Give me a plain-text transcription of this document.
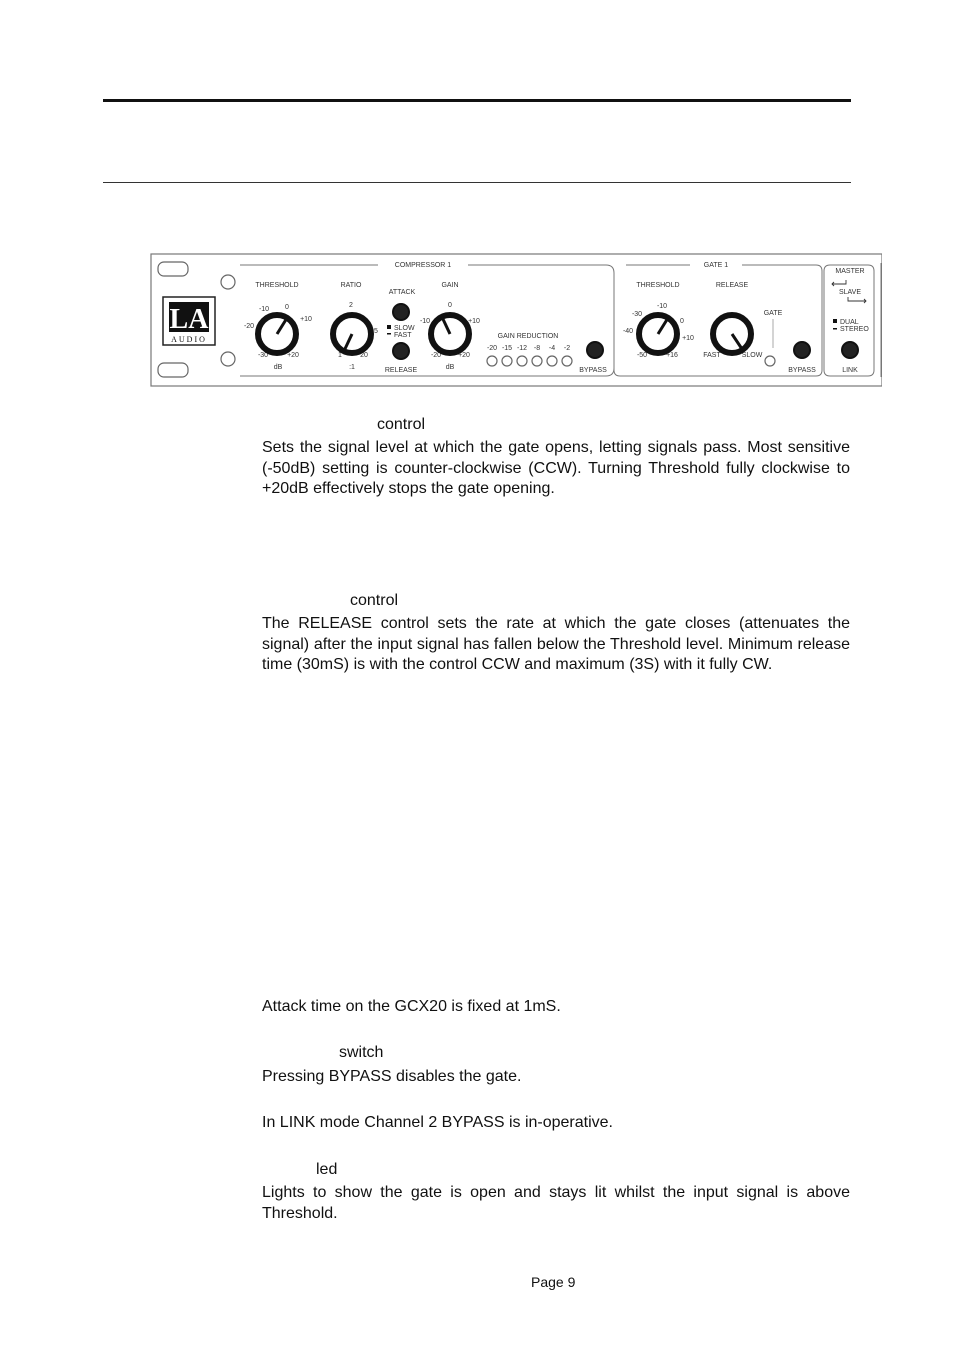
LA
AUDIO
COMPRESSOR 1
THRESHOLD
-10 0
-20
+10
-30	+20
dB
RATIO
2
5
1	20
:1
ATTACK
SLOW
FAST
RELEASE
GAIN
0
-10	+10
-20 +20
dB
GAIN REDUCTION
-20 -15 -12 -8 -4 -2
BYPASS
GATE 1
THRESHOLD
-10
-30
0
-40
+10
-50	+16
RELEASE
FAST	SLOW
GATE
BYPASS
MASTER
SLAVE
DUAL
STEREO
LINK
control

Sets the signal level at which the gate opens, letting signals pass. Most sensitive (-50dB) setting is counter-clockwise (CCW). Turning Threshold fully clockwise to +20dB effectively stops the gate opening.

control

The RELEASE control sets the rate at which the gate closes (attenuates the signal) after the input signal has fallen below the Threshold level. Minimum release time (30mS) is with the control CCW and maximum (3S) with it fully CW.

Attack time on the GCX20 is fixed at 1mS.

switch

Pressing BYPASS disables the gate.

In LINK mode Channel 2 BYPASS is in-operative.

led

Lights to show the gate is open and stays lit whilst the input signal is above Threshold.

Page 9
